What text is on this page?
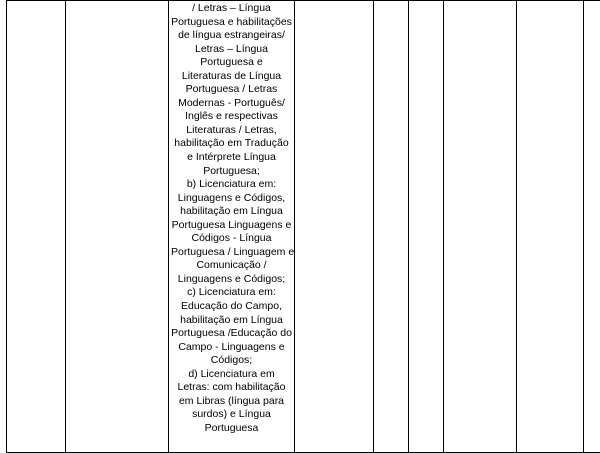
/ Letras – Língua
Portuguesa e habilitações
de língua estrangeiras/
Letras – Língua
Portuguesa e
Literaturas de Língua
Portuguesa / Letras
Modernas - Português/
Inglês e respectivas
Literaturas / Letras,
habilitação em Tradução
e Intérprete Língua
Portuguesa;
b) Licenciatura em:
Linguagens e Códigos,
habilitação em Língua
Portuguesa Linguagens e
Códigos - Língua
Portuguesa / Linguagem e
Comunicação /
Linguagens e Códigos;
c) Licenciatura em:
Educação do Campo,
habilitação em Língua
Portuguesa /Educação do
Campo - Linguagens e
Códigos;
d) Licenciatura em
Letras: com habilitação
em Libras (língua para
surdos) e Língua
Portuguesa
